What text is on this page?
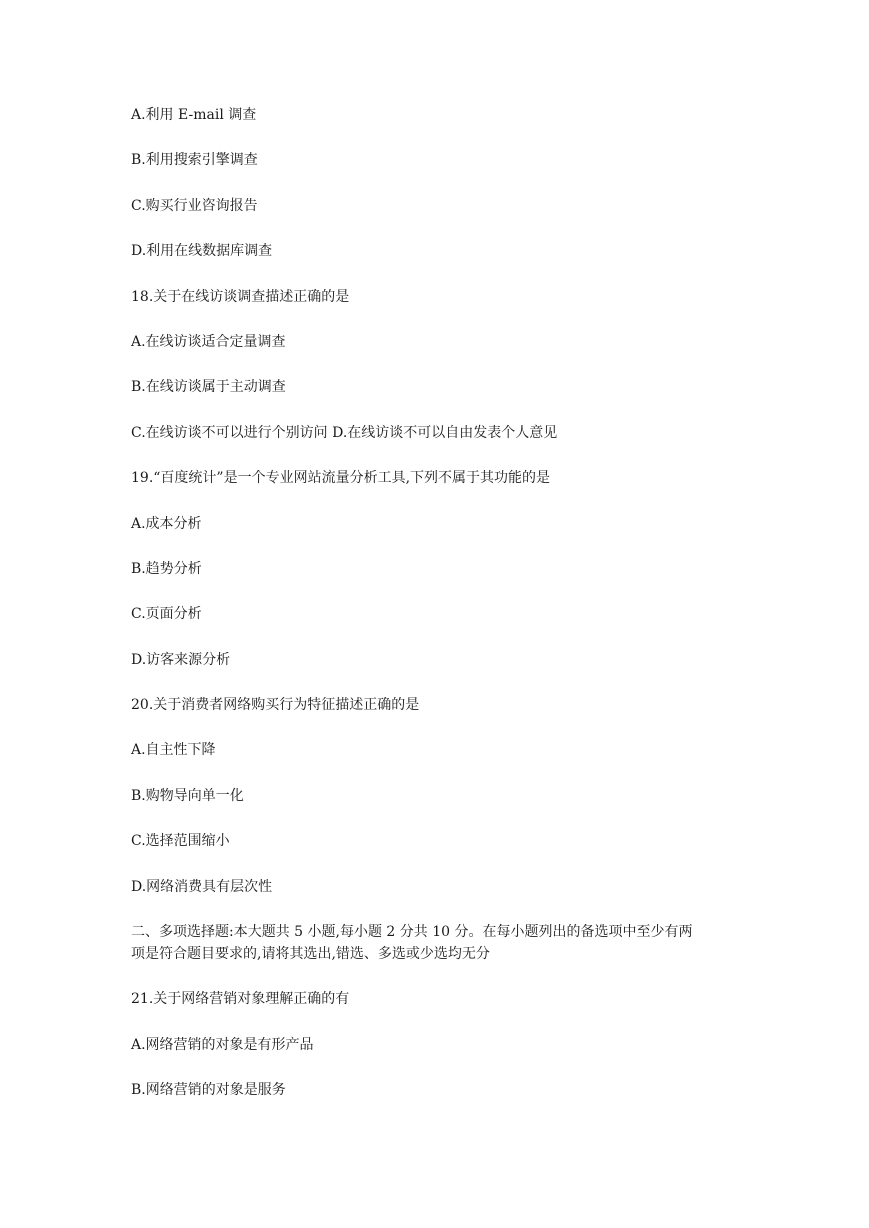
A.利用 E-mail 调查
B.利用搜索引擎调查
C.购买行业咨询报告
D.利用在线数据库调查
18.关于在线访谈调查描述正确的是
A.在线访谈适合定量调查
B.在线访谈属于主动调查
C.在线访谈不可以进行个别访问 D.在线访谈不可以自由发表个人意见
19.“百度统计”是一个专业网站流量分析工具,下列不属于其功能的是
A.成本分析
B.趋势分析
C.页面分析
D.访客来源分析
20.关于消费者网络购买行为特征描述正确的是
A.自主性下降
B.购物导向单一化
C.选择范围缩小
D.网络消费具有层次性
二、多项选择题:本大题共 5 小题,每小题 2 分共 10 分。在每小题列出的备选项中至少有两
项是符合题目要求的,请将其选出,错选、多选或少选均无分
21.关于网络营销对象理解正确的有
A.网络营销的对象是有形产品
B.网络营销的对象是服务
